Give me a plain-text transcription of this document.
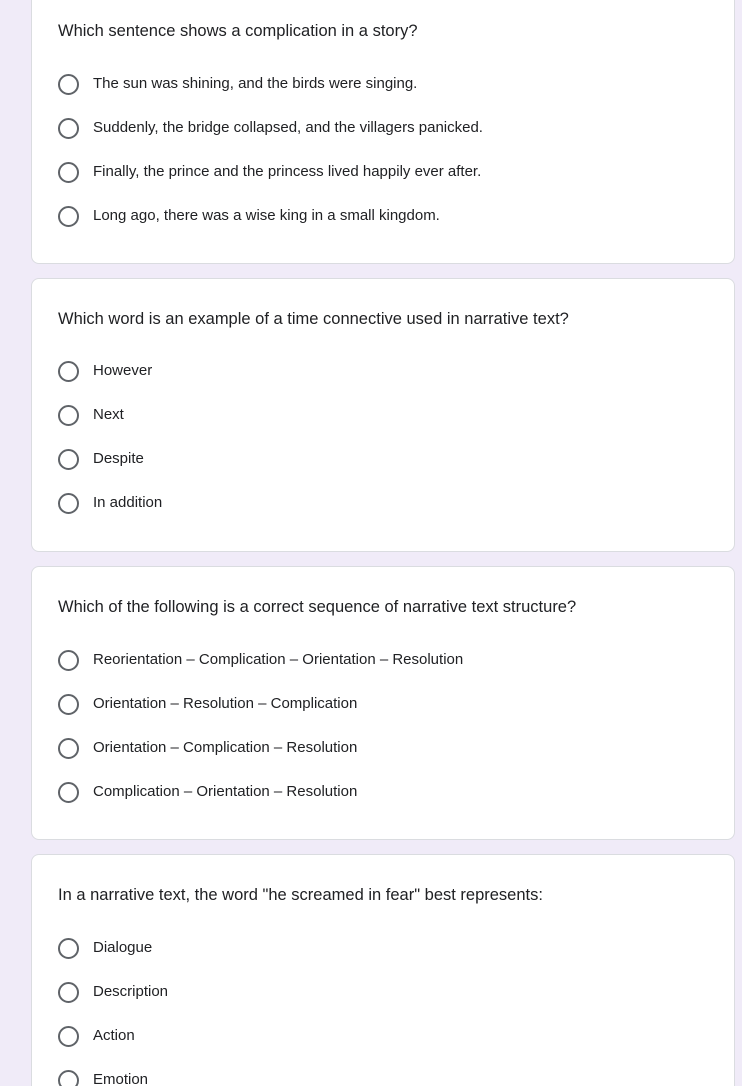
Which sentence shows a complication in a story?
The sun was shining, and the birds were singing.
Suddenly, the bridge collapsed, and the villagers panicked.
Finally, the prince and the princess lived happily ever after.
Long ago, there was a wise king in a small kingdom.
Which word is an example of a time connective used in narrative text?
However
Next
Despite
In addition
Which of the following is a correct sequence of narrative text structure?
Reorientation – Complication – Orientation – Resolution
Orientation – Resolution – Complication
Orientation – Complication – Resolution
Complication – Orientation – Resolution
In a narrative text, the word "he screamed in fear" best represents:
Dialogue
Description
Action
Emotion
